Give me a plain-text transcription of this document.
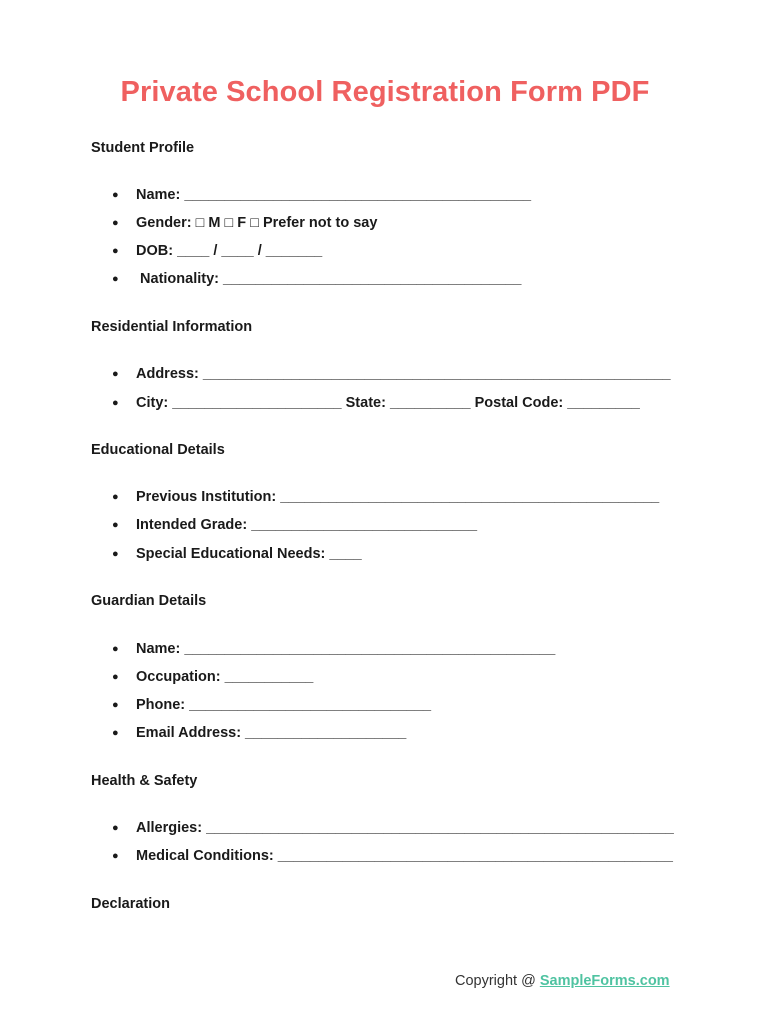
Private School Registration Form PDF
Student Profile
● Name: ___________________________________________
● Gender: □ M □ F □ Prefer not to say
● DOB: ____ / ____ / _______
● Nationality: _____________________________________
Residential Information
● Address: __________________________________________________________
● City: _____________________ State: __________ Postal Code: _________
Educational Details
● Previous Institution: _______________________________________________
● Intended Grade: ____________________________
● Special Educational Needs: ____
Guardian Details
● Name: ______________________________________________
● Occupation: ___________
● Phone: ______________________________
● Email Address: ____________________
Health & Safety
● Allergies: __________________________________________________________
● Medical Conditions: _________________________________________________
Declaration
Copyright @ SampleForms.com
